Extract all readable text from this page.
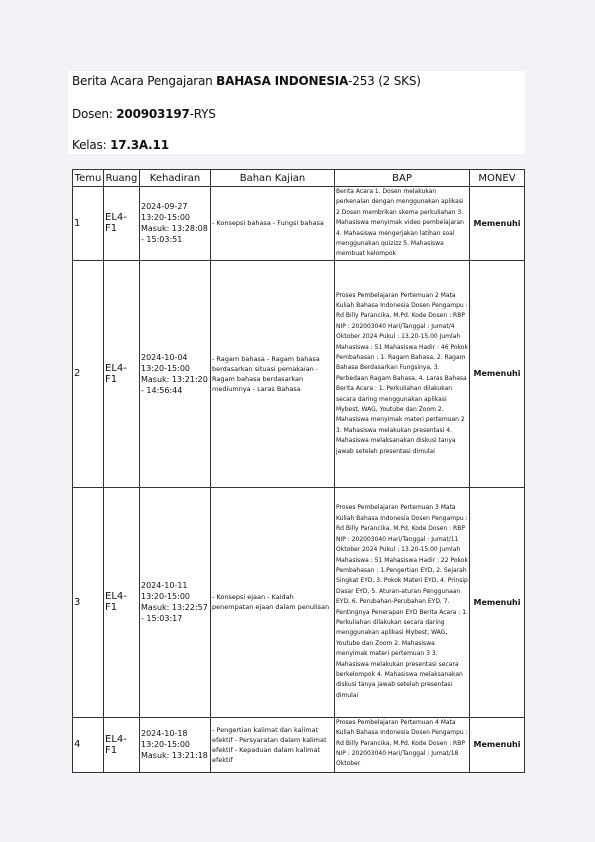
Berita Acara Pengajaran BAHASA INDONESIA-253 (2 SKS)
Dosen: 200903197-RYS
Kelas: 17.3A.11
Temu	Ruang	Kehadiran	Bahan Kajian	BAP	MONEV
1	EL4-F1	2024-09-27 13:20-15:00 Masuk: 13:28:08 - 15:03:51	- Konsepsi bahasa - Fungsi bahasa	Berita Acara 1. Dosen melakukan perkenalan dengan menggunakan aplikasi 2 Dosen membrikan skema perkuliahan 3. Mahasiswa menyimak video pembelajaran 4. Mahasiswa mengerjakan latihan soal menggunakan quizizz 5. Mahasiswa membuat kelompok	Memenuhi
2	EL4-F1	2024-10-04 13:20-15:00 Masuk: 13:21:20 - 14:56:44	- Ragam bahasa - Ragam bahasa berdasarkan situasi pemakaian - Ragam bahasa berdasarkan mediumnya - Laras Bahasa	Proses Pembelajaran Pertemuan 2 Mata Kuliah Bahasa Indonesia Dosen Pengampu : Rd Billy Parancika, M.Pd. Kode Dosen : RBP NIP : 202003040 Hari/Tanggal : Jumat/4 Oktober 2024 Pukul : 13.20-15.00 Jumlah Mahasiswa : 51 Mahasiswa Hadir : 46 Pokok Pembahasan : 1. Ragam Bahasa, 2. Ragam Bahasa Berdasarkan Fungsinya, 3. Perbedaan Ragam Bahasa, 4. Laras Bahasa Berita Acara : 1. Perkuliahan dilakukan secara daring menggunakan aplikasi Mybest, WAG, Youtube dan Zoom 2. Mahasiswa menyimak materi pertemuan 2 3. Mahasiswa melakukan presentasi 4. Mahasiswa melaksanakan diskusi tanya jawab setelah presentasi dimulai	Memenuhi
3	EL4-F1	2024-10-11 13:20-15:00 Masuk: 13:22:57 - 15:03:17	- Konsepsi ejaan - Kaidah penempatan ejaan dalam penulisan	Proses Pembelajaran Pertemuan 3 Mata Kuliah Bahasa Indonesia Dosen Pengampu : Rd Billy Parancika, M.Pd. Kode Dosen : RBP NIP : 202003040 Hari/Tanggal : Jumat/11 Oktober 2024 Pukul : 13.20-15.00 Jumlah Mahasiswa : 51 Mahasiswa Hadir : 22 Pokok Pembahasan : 1.Pengertian EYD, 2. Sejarah Singkat EYD, 3. Pokok Materi EYD, 4. Prinsip Dasar EYD, 5. Aturan-aturan Penggunaan EYD, 6. Perubahan-Perubahan EYD, 7. Pentingnya Penerapan EYD Berita Acara : 1. Perkuliahan dilakukan secara daring menggunakan aplikasi Mybest, WAG, Youtube dan Zoom 2. Mahasiswa menyimak materi pertemuan 3 3. Mahasiswa melakukan presentasi secara berkelompok 4. Mahasiswa melaksanakan diskusi tanya jawab setelah presentasi dimulai	Memenuhi
4	EL4-F1	2024-10-18 13:20-15:00 Masuk: 13:21:18	- Pengertian kalimat dan kalimat efektif - Persyaratan dalam kalimat efektif - Kepaduan dalam kalimat efektif	Proses Pembelajaran Pertemuan 4 Mata Kuliah Bahasa Indonesia Dosen Pengampu : Rd Billy Parancika, M.Pd. Kode Dosen : RBP NIP : 202003040 Hari/Tanggal : Jumat/18 Oktober	Memenuhi
